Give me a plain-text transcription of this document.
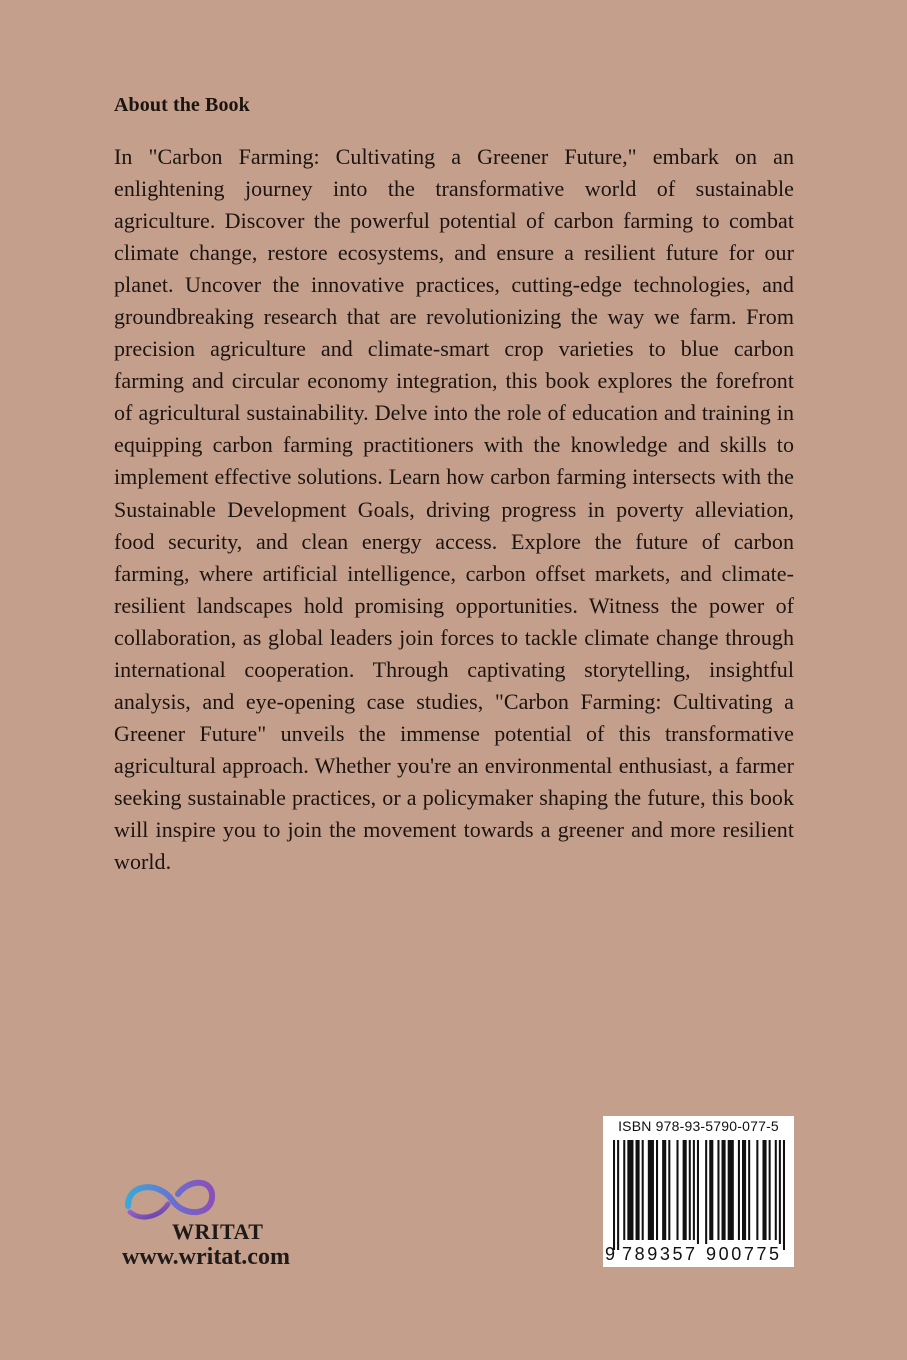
About the Book
In "Carbon Farming: Cultivating a Greener Future," embark on an enlightening journey into the transformative world of sustainable agriculture. Discover the powerful potential of carbon farming to combat climate change, restore ecosystems, and ensure a resilient future for our planet. Uncover the innovative practices, cutting-edge technologies, and groundbreaking research that are revolutionizing the way we farm. From precision agriculture and climate-smart crop varieties to blue carbon farming and circular economy integration, this book explores the forefront of agricultural sustainability. Delve into the role of education and training in equipping carbon farming practitioners with the knowledge and skills to implement effective solutions. Learn how carbon farming intersects with the Sustainable Development Goals, driving progress in poverty alleviation, food security, and clean energy access. Explore the future of carbon farming, where artificial intelligence, carbon offset markets, and climate-resilient landscapes hold promising opportunities. Witness the power of collaboration, as global leaders join forces to tackle climate change through international cooperation. Through captivating storytelling, insightful analysis, and eye-opening case studies, "Carbon Farming: Cultivating a Greener Future" unveils the immense potential of this transformative agricultural approach. Whether you're an environmental enthusiast, a farmer seeking sustainable practices, or a policymaker shaping the future, this book will inspire you to join the movement towards a greener and more resilient world.
ISBN 978-93-5790-077-5
9 789357 900775
WRITAT
www.writat.com
